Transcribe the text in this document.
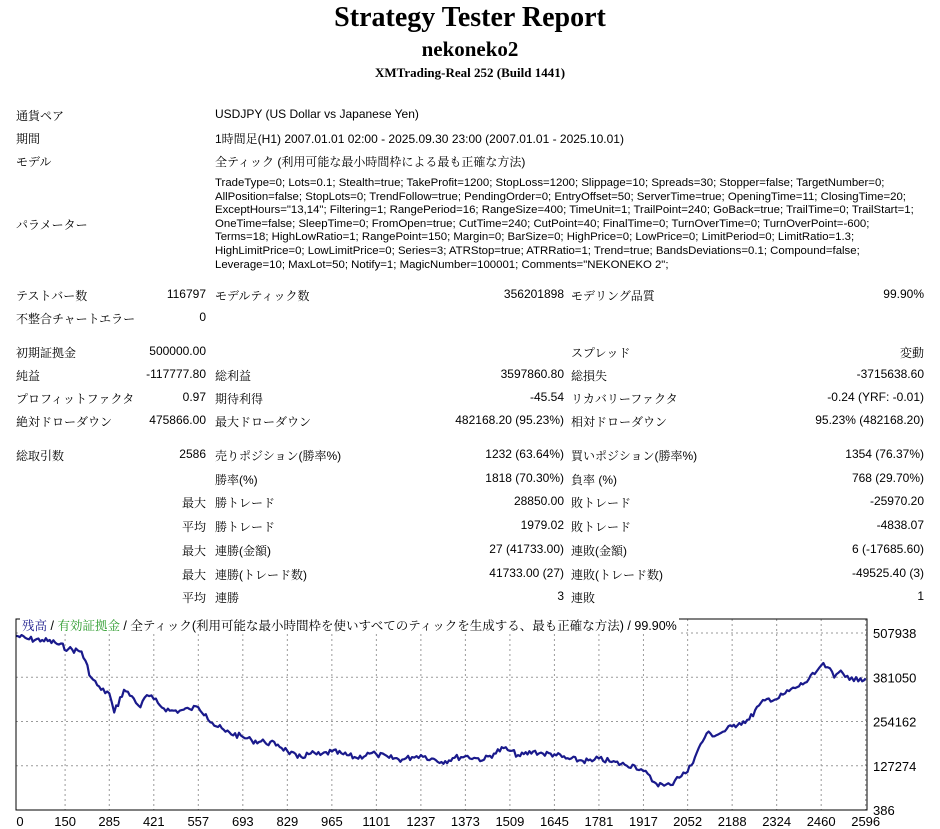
Strategy Tester Report
nekoneko2
XMTrading-Real 252 (Build 1441)
通貨ペア	USDJPY (US Dollar vs Japanese Yen)
期間	1時間足(H1) 2007.01.01 02:00 - 2025.09.30 23:00 (2007.01.01 - 2025.10.01)
モデル	全ティック (利用可能な最小時間枠による最も正確な方法)
パラメーター
TradeType=0; Lots=0.1; Stealth=true; TakeProfit=1200; StopLoss=1200; Slippage=10; Spreads=30; Stopper=false; TargetNumber=0; AllPosition=false; StopLots=0; TrendFollow=true; PendingOrder=0; EntryOffset=50; ServerTime=true; OpeningTime=11; ClosingTime=20; ExceptHours="13,14"; Filtering=1; RangePeriod=16; RangeSize=400; TimeUnit=1; TrailPoint=240; GoBack=true; TrailTime=0; TrailStart=1; OneTime=false; SleepTime=0; FromOpen=true; CutTime=240; CutPoint=40; FinalTime=0; TurnOverTime=0; TurnOverPoint=-600; Terms=18; HighLowRatio=1; RangePoint=150; Margin=0; BarSize=0; HighPrice=0; LowPrice=0; LimitPeriod=0; LimitRatio=1.3; HighLimitPrice=0; LowLimitPrice=0; Series=3; ATRStop=true; ATRRatio=1; Trend=true; BandsDeviations=0.1; Compound=false; Leverage=10; MaxLot=50; Notify=1; MagicNumber=100001; Comments="NEKONEKO 2";
テストバー数	116797 モデルティック数	356201898 モデリング品質	99.90%
不整合チャートエラー	0
初期証拠金	500000.00	スプレッド	変動
純益	-117777.80 総利益	3597860.80 総損失	-3715638.60
プロフィットファクタ	0.97 期待利得	-45.54 リカバリーファクタ	-0.24 (YRF: -0.01)
絶対ドローダウン	475866.00 最大ドローダウン	482168.20 (95.23%) 相対ドローダウン	95.23% (482168.20)
総取引数	2586 売りポジション(勝率%)	1232 (63.64%) 買いポジション(勝率%)	1354 (76.37%)
勝率(%)	1818 (70.30%) 負率 (%)	768 (29.70%)
最大 勝トレード	28850.00 敗トレード	-25970.20
平均 勝トレード	1979.02 敗トレード	-4838.07
最大 連勝(金額)	27 (41733.00) 連敗(金額)	6 (-17685.60)
最大 連勝(トレード数)	41733.00 (27) 連敗(トレード数)	-49525.40 (3)
平均 連勝	3 連敗	1
507938
381050
254162
127274
386
0 150 285 421 557 693 829 965 1101 1237 1373 1509 1645 1781 1917 2052 2188 2324 2460 2596
残高 / 有効証拠金 / 全ティック(利用可能な最小時間枠を使いすべてのティックを生成する、最も正確な方法) / 99.90%
